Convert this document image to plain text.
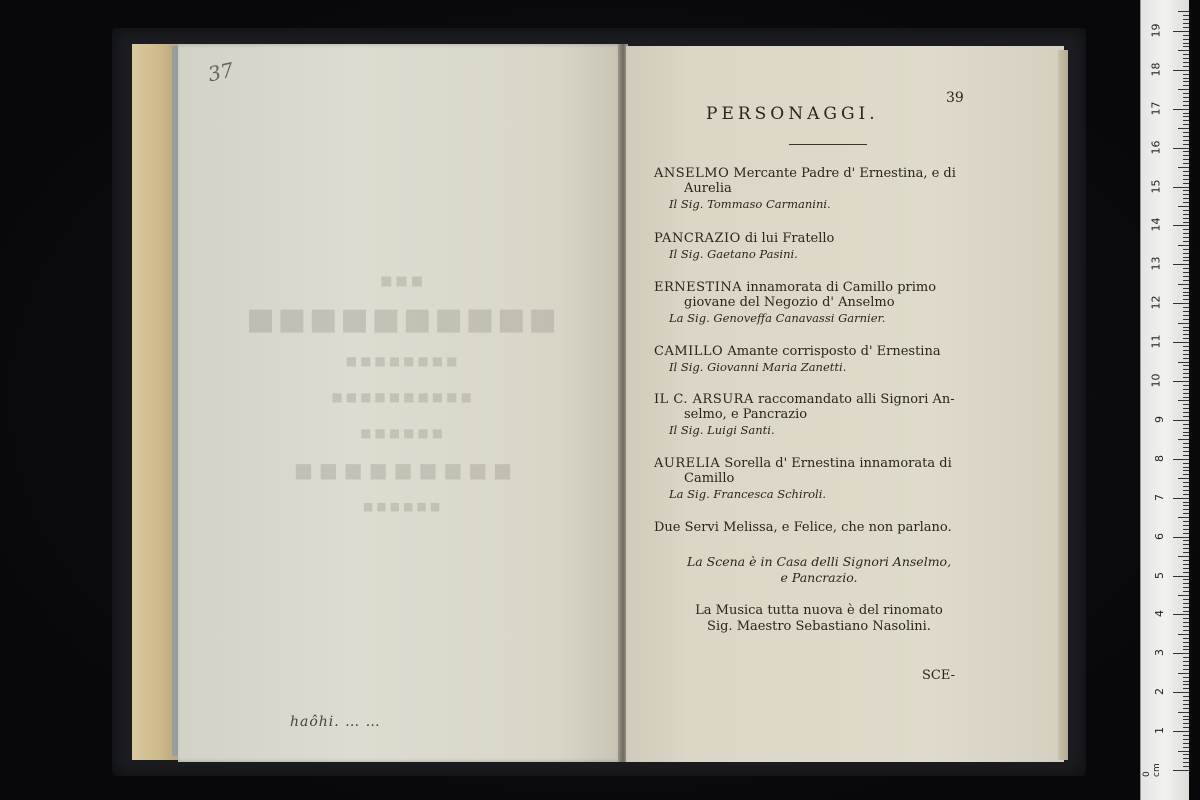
37
■■■
■■■■■■■■■■
■■■■■■■■
■■■■■■■■■■
■■■■■■
■■■■■■■■■
■■■■■■
haôhi. … …
39
PERSONAGGI.
ANSELMO Mercante Padre d' Ernestina, e di
Aurelia
Il Sig. Tommaso Carmanini.
PANCRAZIO di lui Fratello
Il Sig. Gaetano Pasini.
ERNESTINA innamorata di Camillo primo
giovane del Negozio d' Anselmo
La Sig. Genoveffa Canavassi Garnier.
CAMILLO Amante corrisposto d' Ernestina
Il Sig. Giovanni Maria Zanetti.
IL C. ARSURA raccomandato alli Signori An-
selmo, e Pancrazio
Il Sig. Luigi Santi.
AURELIA Sorella d' Ernestina innamorata di
Camillo
La Sig. Francesca Schiroli.
Due Servi Melissa, e Felice, che non parlano.
La Scena è in Casa delli Signori Anselmo,
e Pancrazio.
La Musica tutta nuova è del rinomato
Sig. Maestro Sebastiano Nasolini.
SCE-
0 cm
1
2
3
4
5
6
7
8
9
10
11
12
13
14
15
16
17
18
19
